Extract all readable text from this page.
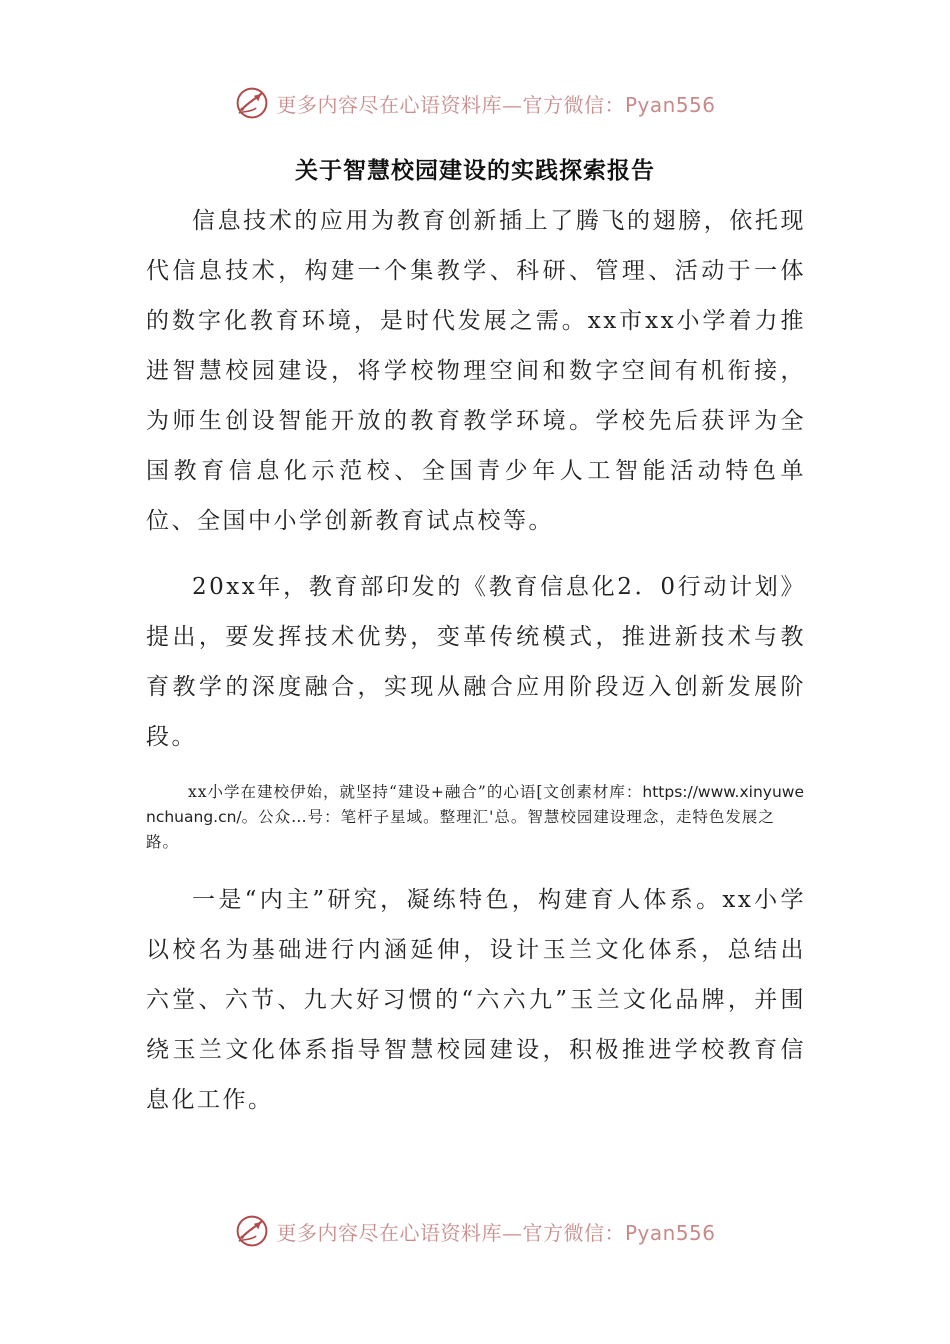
更多内容尽在心语资料库—官方微信：Pyan556
关于智慧校园建设的实践探索报告

信息技术的应用为教育创新插上了腾飞的翅膀，依托现代信息技术，构建一个集教学、科研、管理、活动于一体的数字化教育环境，是时代发展之需。xx市xx小学着力推进智慧校园建设，将学校物理空间和数字空间有机衔接，为师生创设智能开放的教育教学环境。学校先后获评为全国教育信息化示范校、全国青少年人工智能活动特色单位、全国中小学创新教育试点校等。

20xx年，教育部印发的《教育信息化2．0行动计划》提出，要发挥技术优势，变革传统模式，推进新技术与教育教学的深度融合，实现从融合应用阶段迈入创新发展阶段。

xx小学在建校伊始，就坚持“建设+融合”的心语[文创素材库：https://www.xinyuwenchuang.cn/。公众…号：笔杆子星域。整理汇'总。智慧校园建设理念，走特色发展之路。

一是“内主”研究，凝练特色，构建育人体系。xx小学以校名为基础进行内涵延伸，设计玉兰文化体系，总结出六堂、六节、九大好习惯的“六六九”玉兰文化品牌，并围绕玉兰文化体系指导智慧校园建设，积极推进学校教育信息化工作。

更多内容尽在心语资料库—官方微信：Pyan556
